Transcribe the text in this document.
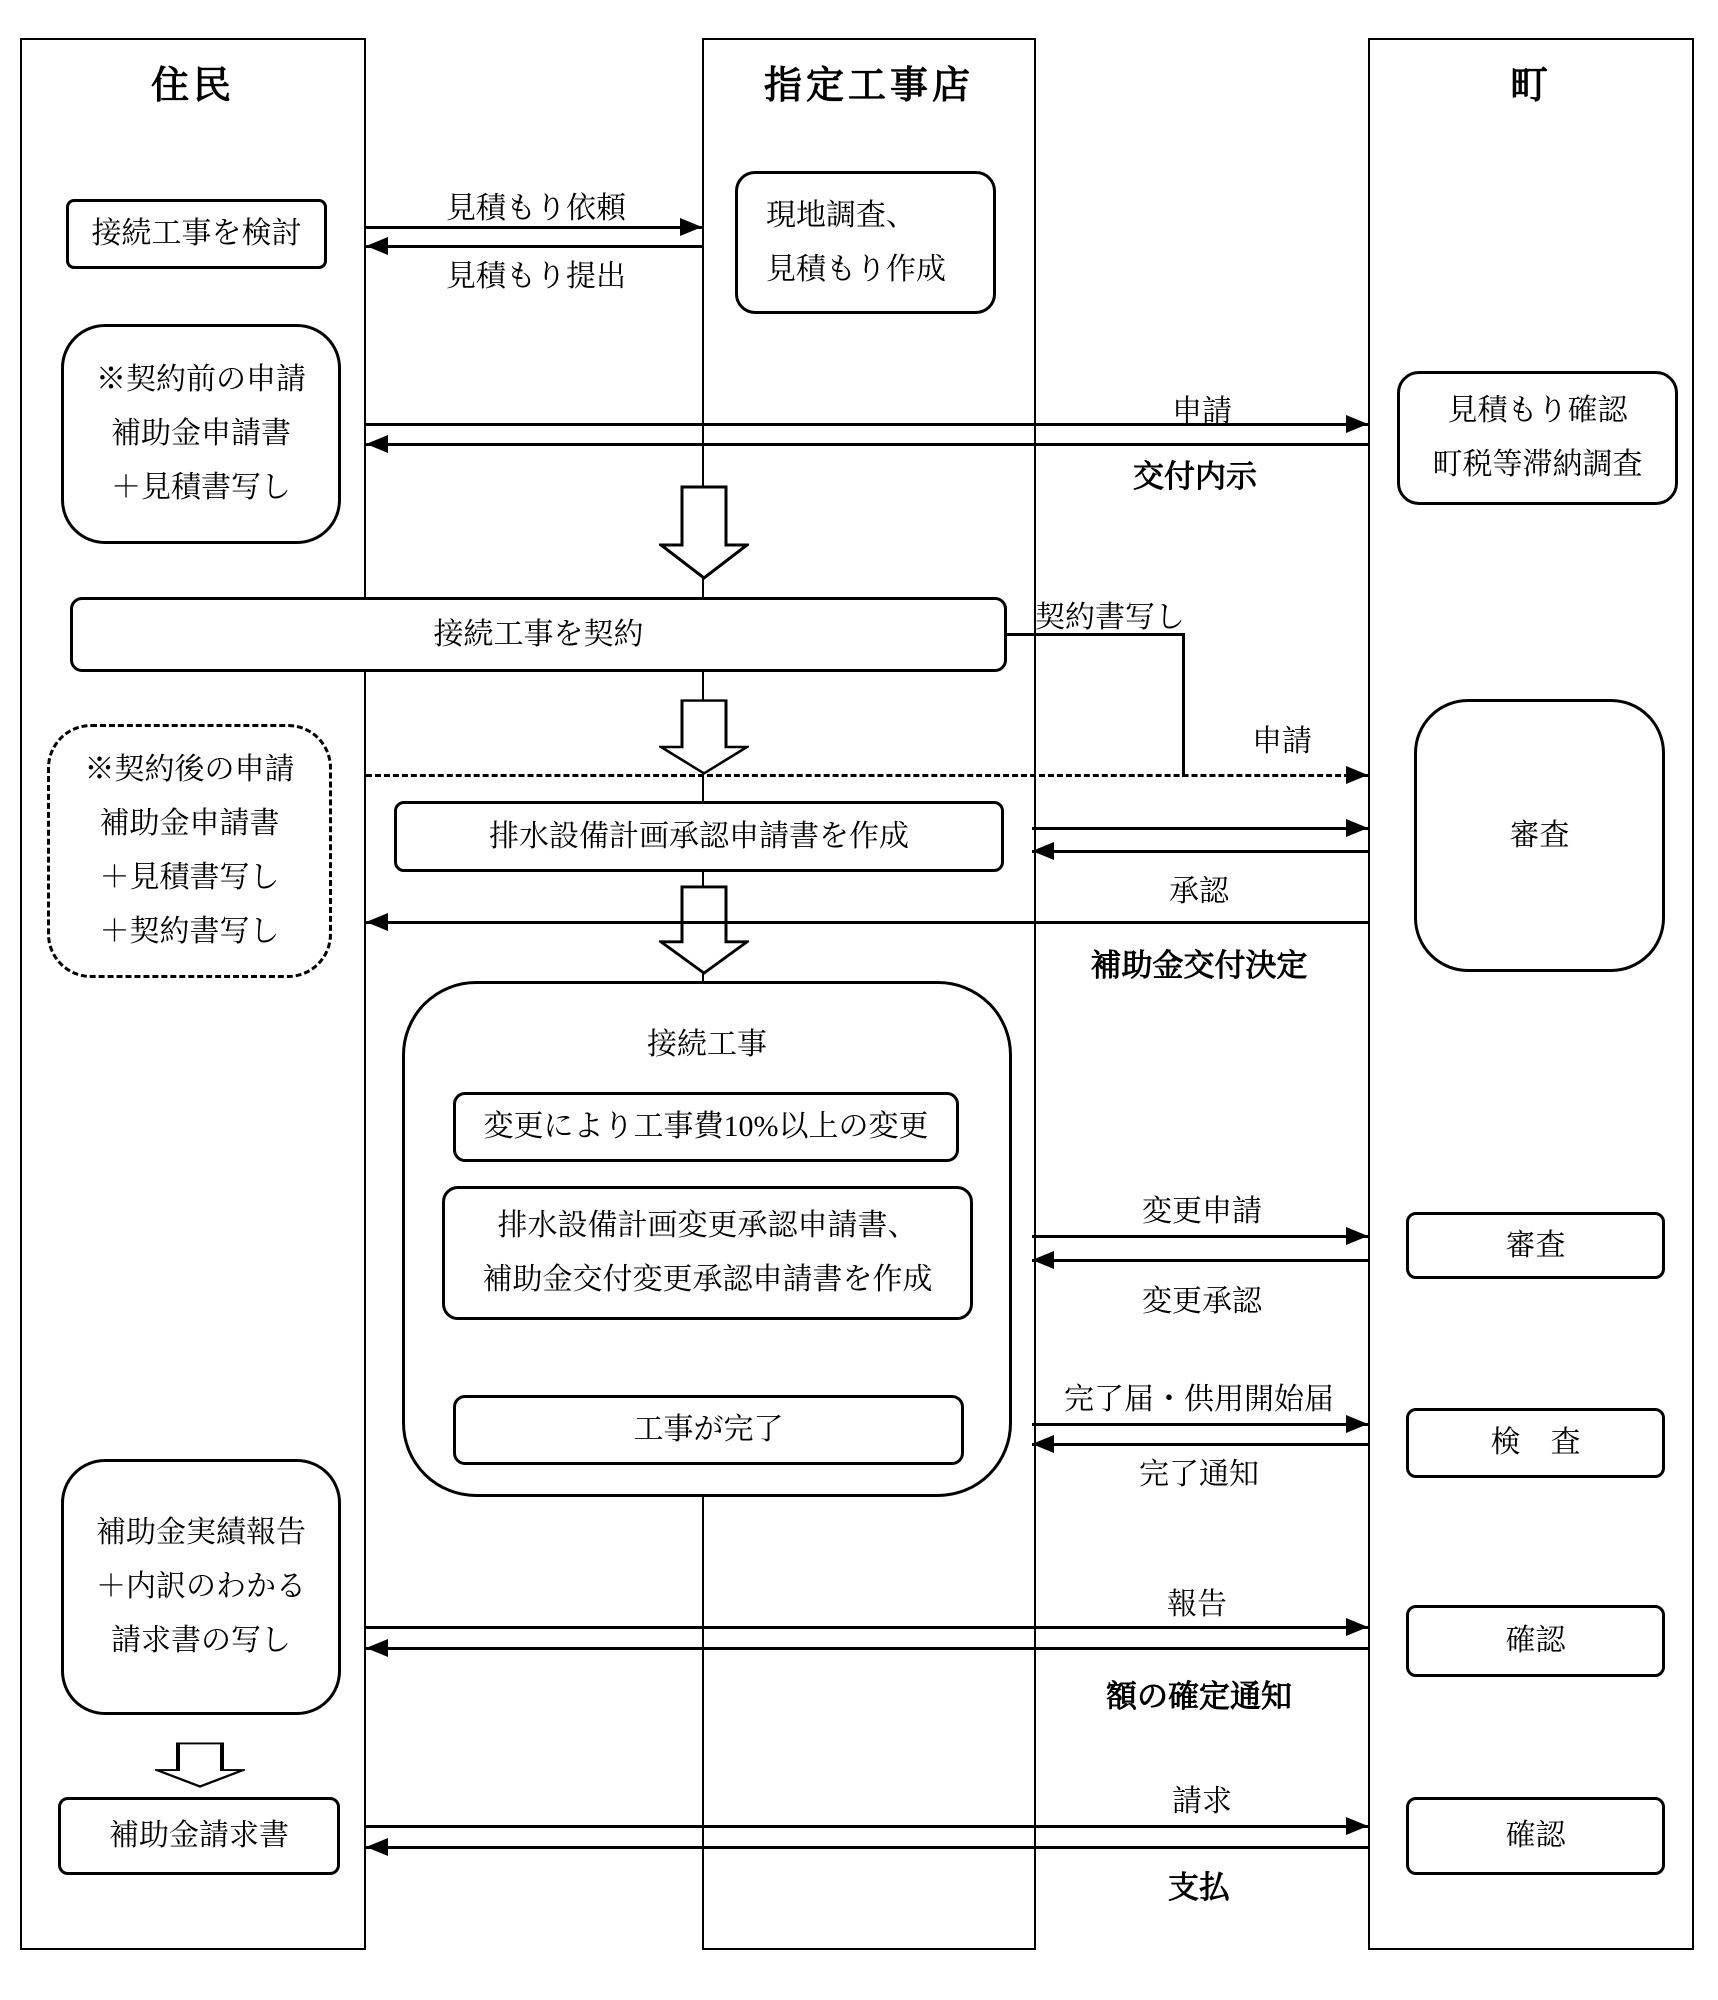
住民	指定工事店	町
接続工事を検討
現地調査、
見積もり作成
※契約前の申請
補助金申請書
＋見積書写し
見積もり確認
町税等滞納調査
接続工事を契約
※契約後の申請
補助金申請書
＋見積書写し
＋契約書写し
排水設備計画承認申請書を作成	審査
接続工事
変更により工事費10%以上の変更
排水設備計画変更承認申請書、
補助金交付変更承認申請書を作成
工事が完了
審査
検　査
補助金実績報告
＋内訳のわかる
請求書の写し	確認
補助金請求書	確認
見積もり依頼
見積もり提出
申請
交付内示
契約書写し
申請
承認
補助金交付決定
変更申請
変更承認
完了届・供用開始届
完了通知
報告
額の確定通知
請求
支払
